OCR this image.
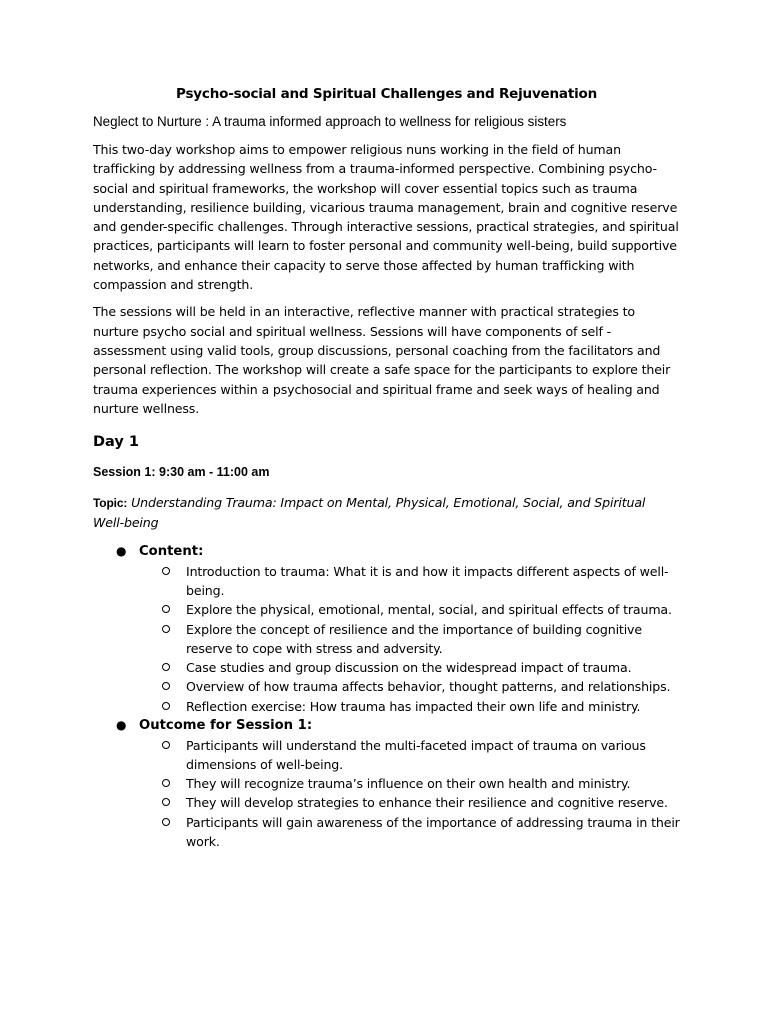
Psycho-social and Spiritual Challenges and Rejuvenation

Neglect to Nurture : A trauma informed approach to wellness for religious sisters

This two-day workshop aims to empower religious nuns working in the field of human trafficking by addressing wellness from a trauma-informed perspective. Combining psycho-social and spiritual frameworks, the workshop will cover essential topics such as trauma understanding, resilience building, vicarious trauma management, brain and cognitive reserve and gender-specific challenges. Through interactive sessions, practical strategies, and spiritual practices, participants will learn to foster personal and community well-being, build supportive networks, and enhance their capacity to serve those affected by human trafficking with compassion and strength.

The sessions will be held in an interactive, reflective manner with practical strategies to nurture psycho social and spiritual wellness. Sessions will have components of self - assessment using valid tools, group discussions, personal coaching from the facilitators and personal reflection. The workshop will create a safe space for the participants to explore their trauma experiences within a psychosocial and spiritual frame and seek ways of healing and nurture wellness.

Day 1
Session 1: 9:30 am - 11:00 am

Topic: Understanding Trauma: Impact on Mental, Physical, Emotional, Social, and Spiritual Well-being

● Content:
Introduction to trauma: What it is and how it impacts different aspects of well-being.
Explore the physical, emotional, mental, social, and spiritual effects of trauma.
Explore the concept of resilience and the importance of building cognitive reserve to cope with stress and adversity.
Case studies and group discussion on the widespread impact of trauma.
Overview of how trauma affects behavior, thought patterns, and relationships.
Reflection exercise: How trauma has impacted their own life and ministry.
● Outcome for Session 1:
Participants will understand the multi-faceted impact of trauma on various dimensions of well-being.
They will recognize trauma’s influence on their own health and ministry.
They will develop strategies to enhance their resilience and cognitive reserve.
Participants will gain awareness of the importance of addressing trauma in their work.
